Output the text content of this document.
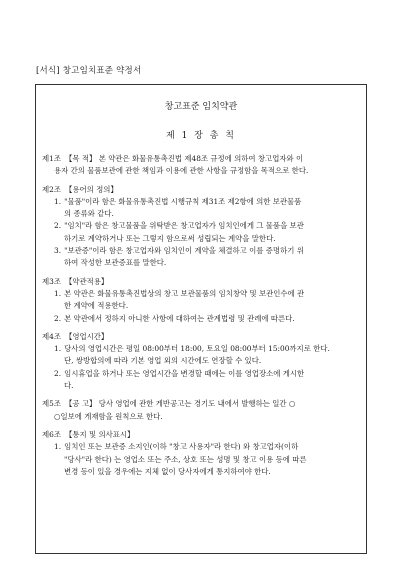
[서식] 창고임치표준 약정서
창고표준 임치약관
제 1 장 총 칙
제1조 【목 적】 본 약관은 화물유통촉진법 제48조 규정에 의하여 창고업자와 이
용자 간의 물품보관에 관한 책임과 이용에 관한 사항을 규정함을 목적으로 한다.
제2조 【용어의 정의】
1. "물품"이라 함은 화물유통촉진법 시행규칙 제31조 제2항에 의한 보관물품
의 종류와 같다.
2. "임치"라 함은 창고물품을 위탁받은 창고업자가 임치인에게 그 물품을 보관
하기로 계약하거나 또는 그렇지 함으로써 성립되는 계약을 말한다.
3. "보관증"이라 함은 창고업자와 임치인이 계약을 체결하고 이를 증명하기 위
하여 작성한 보관증표를 말한다.
제3조 【약관적용】
1. 본 약관은 화물유통촉진법상의 창고 보관물품의 임치창약 및 보관인수에 관
한 계약에 적용한다.
2. 본 약관에서 정하지 아니한 사항에 대하여는 관계법령 및 관례에 따른다.
제4조 【영업시간】
1. 당사의 영업시간은 평일 08:00부터 18:00, 토요일 08:00부터 15:00까지로 한다.
단, 쌍방합의에 따라 기본 영업 외의 시간에도 연장할 수 있다.
2. 임시휴업을 하거나 또는 영업시간을 변경할 때에는 이를 영업장소에 게시한
다.
제5조 【공 고】 당사 영업에 관한 게반공고는 경기도 내에서 발행하는 일간 ○
○일보에 게재함을 원칙으로 한다.
제6조 【통지 및 의사표시】
1. 임치인 또는 보관증 소지인(이하 "창고 사용자"라 한다) 와 창고업자(이하
"당사"라 한다) 는 영업소 또는 주소, 상호 또는 성명 및 창고 이용 등에 따른
변경 등이 있을 경우에는 지체 없이 당사자에게 통지하여야 한다.
